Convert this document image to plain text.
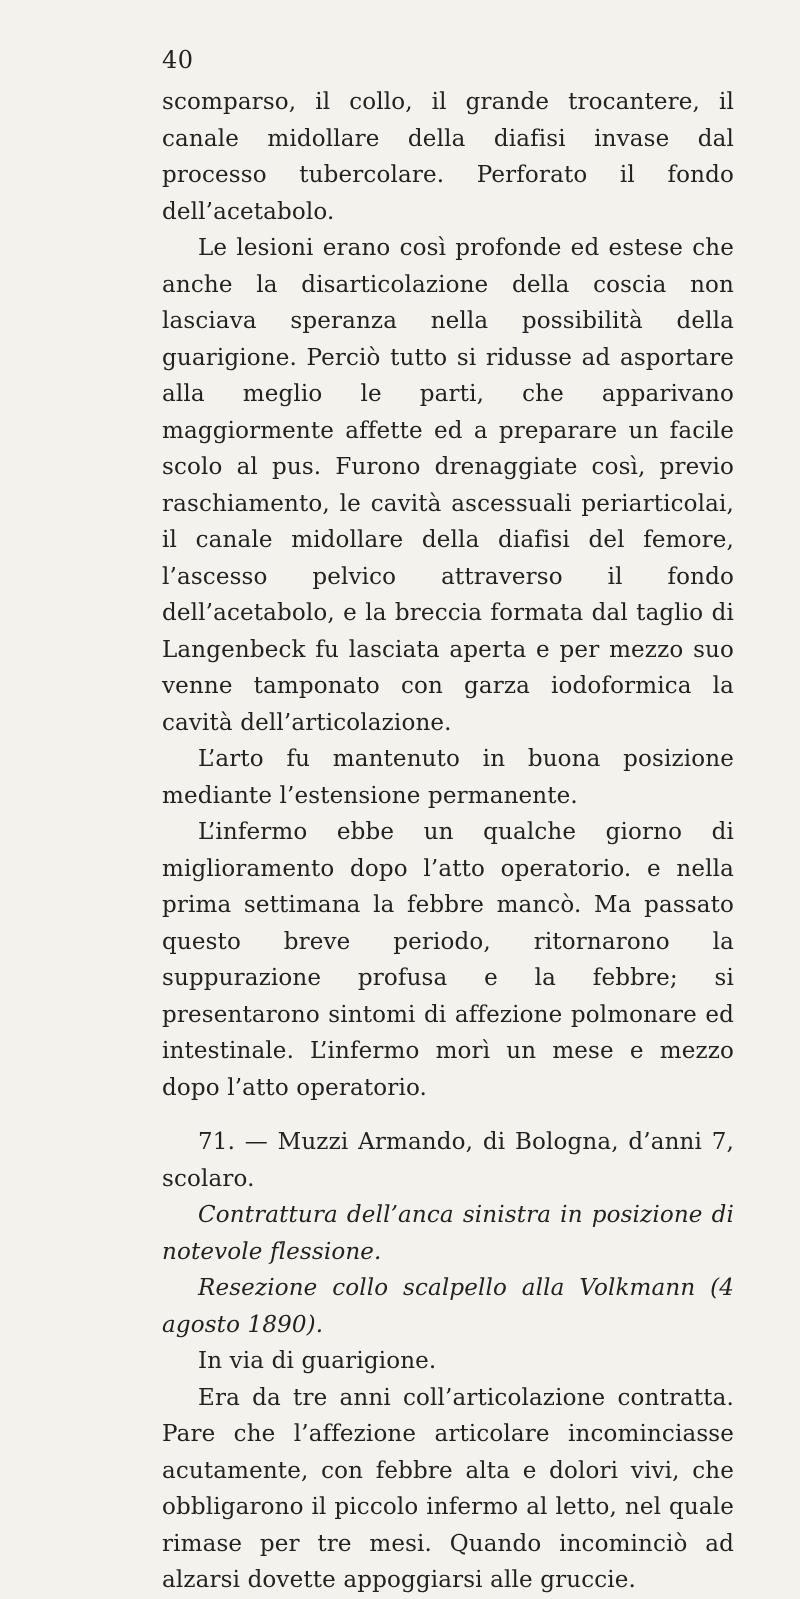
40

scomparso, il collo, il grande trocantere, il canale midollare della diafisi invase dal processo tubercolare. Perforato il fondo dell’acetabolo.

Le lesioni erano così profonde ed estese che anche la disarticolazione della coscia non lasciava speranza nella possibilità della guarigione. Perciò tutto si ridusse ad asportare alla meglio le parti, che apparivano maggiormente affette ed a preparare un facile scolo al pus. Furono drenaggiate così, previo raschiamento, le cavità ascessuali periarticolai, il canale midollare della diafisi del femore, l’ascesso pelvico attraverso il fondo dell’acetabolo, e la breccia formata dal taglio di Langenbeck fu lasciata aperta e per mezzo suo venne tamponato con garza iodoformica la cavità dell’articolazione.

L’arto fu mantenuto in buona posizione mediante l’estensione permanente.

L’infermo ebbe un qualche giorno di miglioramento dopo l’atto operatorio. e nella prima settimana la febbre mancò. Ma passato questo breve periodo, ritornarono la suppurazione profusa e la febbre; si presentarono sintomi di affezione polmonare ed intestinale. L’infermo morì un mese e mezzo dopo l’atto operatorio.

71. — Muzzi Armando, di Bologna, d’anni 7, scolaro.

Contrattura dell’anca sinistra in posizione di notevole flessione.

Resezione collo scalpello alla Volkmann (4 agosto 1890).

In via di guarigione.

Era da tre anni coll’articolazione contratta. Pare che l’affezione articolare incominciasse acutamente, con febbre alta e dolori vivi, che obbligarono il piccolo infermo al letto, nel quale rimase per tre mesi. Quando incominciò ad alzarsi dovette appoggiarsi alle gruccie.
